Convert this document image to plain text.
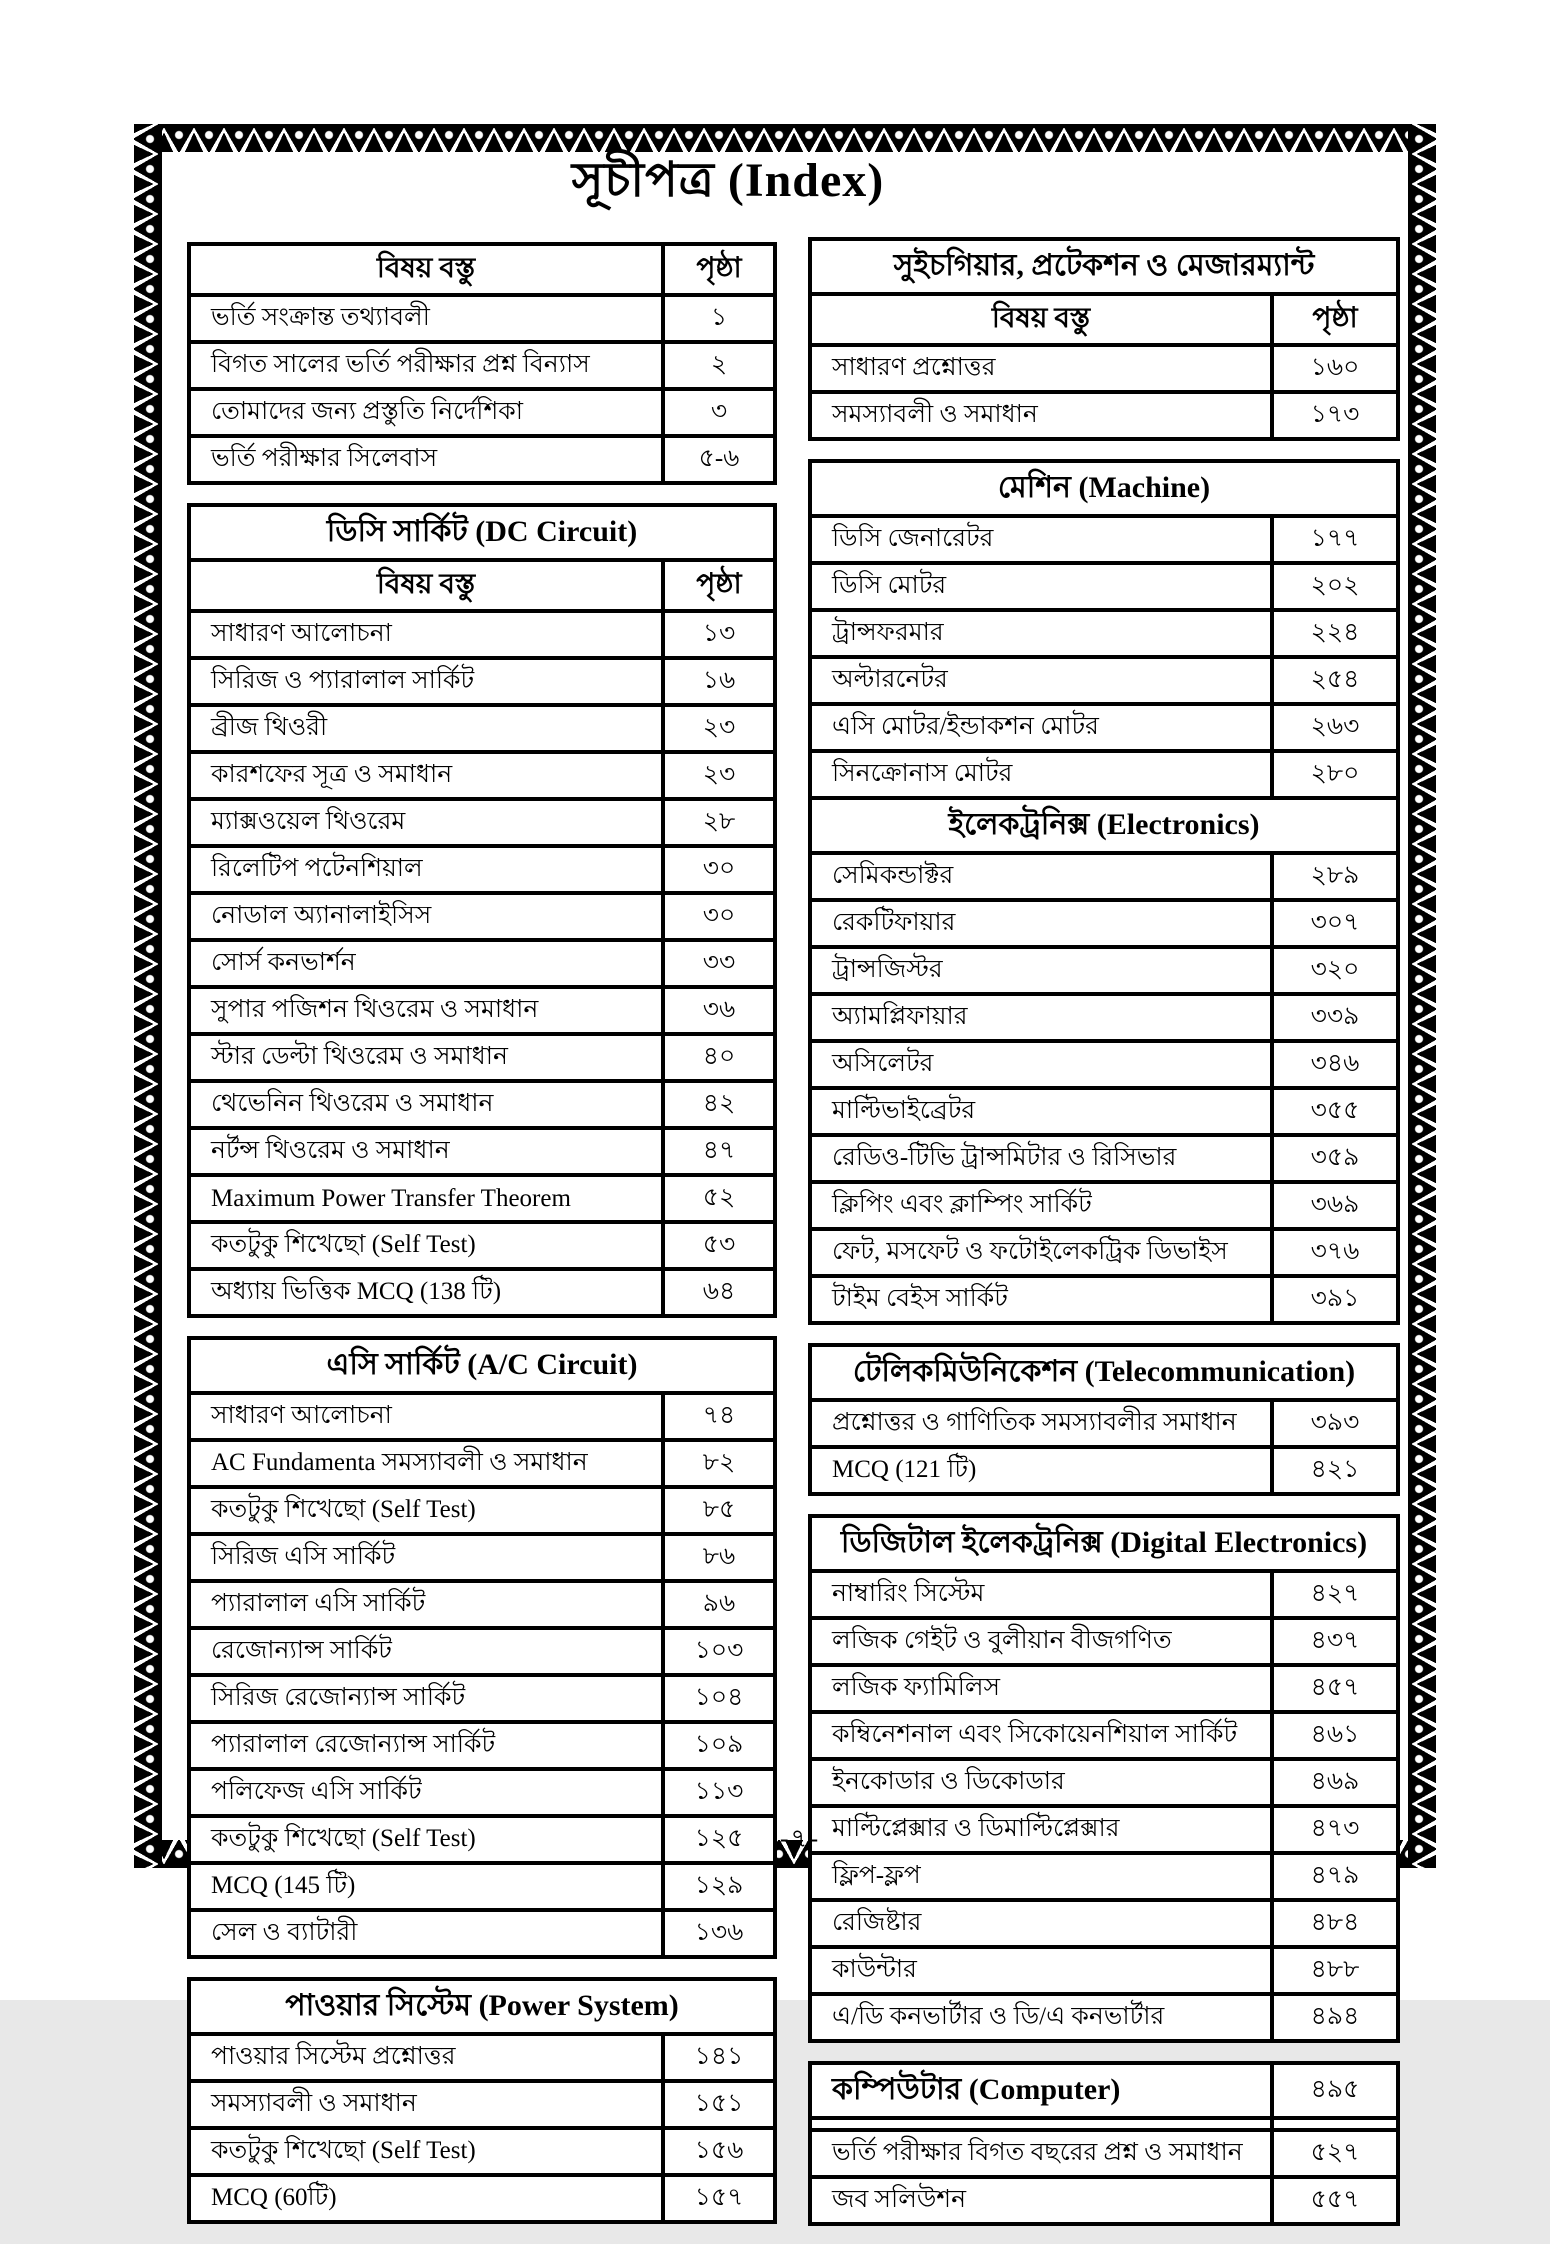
সূচীপত্র (Index)
বিষয় বস্তু	পৃষ্ঠা
ভর্তি সংক্রান্ত তথ্যাবলী	১
বিগত সালের ভর্তি পরীক্ষার প্রশ্ন বিন্যাস	২
তোমাদের জন্য প্রস্তুতি নির্দেশিকা	৩
ভর্তি পরীক্ষার সিলেবাস	৫-৬
ডিসি সার্কিট (DC Circuit)	
বিষয় বস্তু	পৃষ্ঠা
সাধারণ আলোচনা	১৩
সিরিজ ও প্যারালাল সার্কিট	১৬
ব্রীজ থিওরী	২৩
কারশফের সূত্র ও সমাধান	২৩
ম্যাক্সওয়েল থিওরেম	২৮
রিলেটিপ পটেনশিয়াল	৩০
নোডাল অ্যানালাইসিস	৩০
সোর্স কনভার্শন	৩৩
সুপার পজিশন থিওরেম ও সমাধান	৩৬
স্টার ডেল্টা থিওরেম ও সমাধান	৪০
থেভেনিন থিওরেম ও সমাধান	৪২
নর্টন্স থিওরেম ও সমাধান	৪৭
Maximum Power Transfer Theorem	৫২
কতটুকু শিখেছো (Self Test)	৫৩
অধ্যায় ভিত্তিক MCQ (138 টি)	৬৪
এসি সার্কিট (A/C Circuit)	
সাধারণ আলোচনা	৭৪
AC Fundamenta সমস্যাবলী ও সমাধান	৮২
কতটুকু শিখেছো (Self Test)	৮৫
সিরিজ এসি সার্কিট	৮৬
প্যারালাল এসি সার্কিট	৯৬
রেজোন্যান্স সার্কিট	১০৩
সিরিজ রেজোন্যান্স সার্কিট	১০৪
প্যারালাল রেজোন্যান্স সার্কিট	১০৯
পলিফেজ এসি সার্কিট	১১৩
কতটুকু শিখেছো (Self Test)	১২৫
MCQ (145 টি)	১২৯
সেল ও ব্যাটারী	১৩৬
পাওয়ার সিস্টেম (Power System)	
পাওয়ার সিস্টেম প্রশ্নোত্তর	১৪১
সমস্যাবলী ও সমাধান	১৫১
কতটুকু শিখেছো (Self Test)	১৫৬
MCQ (60টি)	১৫৭
সুইচগিয়ার, প্রটেকশন ও মেজারম্যান্ট	
বিষয় বস্তু	পৃষ্ঠা
সাধারণ প্রশ্নোত্তর	১৬০
সমস্যাবলী ও সমাধান	১৭৩
মেশিন (Machine)	
ডিসি জেনারেটর	১৭৭
ডিসি মোটর	২০২
ট্রান্সফরমার	২২৪
অল্টারনেটর	২৫৪
এসি মোটর/ইন্ডাকশন মোটর	২৬৩
সিনক্রোনাস মোটর	২৮০
ইলেকট্রনিক্স (Electronics)	
সেমিকন্ডাক্টর	২৮৯
রেকটিফায়ার	৩০৭
ট্রান্সজিস্টর	৩২০
অ্যামপ্লিফায়ার	৩৩৯
অসিলেটর	৩৪৬
মাল্টিভাইব্রেটর	৩৫৫
রেডিও-টিভি ট্রান্সমিটার ও রিসিভার	৩৫৯
ক্লিপিং এবং ক্লাম্পিং সার্কিট	৩৬৯
ফেট, মসফেট ও ফটোইলেকট্রিক ডিভাইস	৩৭৬
টাইম বেইস সার্কিট	৩৯১
টেলিকমিউনিকেশন (Telecommunication)	
প্রশ্নোত্তর ও গাণিতিক সমস্যাবলীর সমাধান	৩৯৩
MCQ (121 টি)	৪২১
ডিজিটাল ইলেকট্রনিক্স (Digital Electronics)	
নাম্বারিং সিস্টেম	৪২৭
লজিক গেইট ও বুলীয়ান বীজগণিত	৪৩৭
লজিক ফ্যামিলিস	৪৫৭
কম্বিনেশনাল এবং সিকোয়েনশিয়াল সার্কিট	৪৬১
ইনকোডার ও ডিকোডার	৪৬৯
মাল্টিপ্লেক্সার ও ডিমাল্টিপ্লেক্সার	৪৭৩
ফ্লিপ-ফ্লপ	৪৭৯
রেজিষ্টার	৪৮৪
কাউন্টার	৪৮৮
এ/ডি কনভার্টার ও ডি/এ কনভার্টার	৪৯৪
কম্পিউটার (Computer)	৪৯৫

ভর্তি পরীক্ষার বিগত বছরের প্রশ্ন ও সমাধান	৫২৭
জব সলিউশন	৫৫৭
-৭-
